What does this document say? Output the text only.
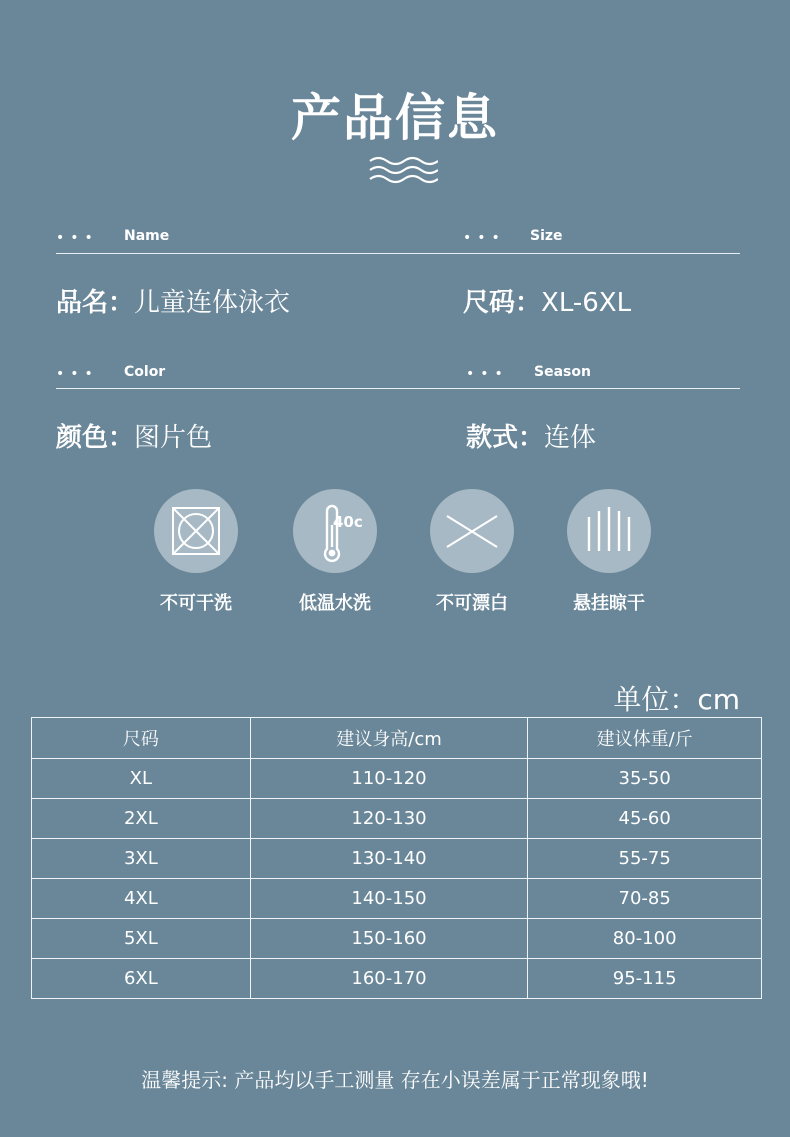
产品信息
••• Name	••• Size
品名：儿童连体泳衣	尺码：XL-6XL
••• Color	••• Season
颜色：图片色	款式：连体
40c
不可干洗	低温水洗	不可漂白	悬挂晾干
单位：cm
尺码	建议身高/cm	建议体重/斤
XL	110-120	35-50
2XL	120-130	45-60
3XL	130-140	55-75
4XL	140-150	70-85
5XL	150-160	80-100
6XL	160-170	95-115
温馨提示: 产品均以手工测量 存在小误差属于正常现象哦!
